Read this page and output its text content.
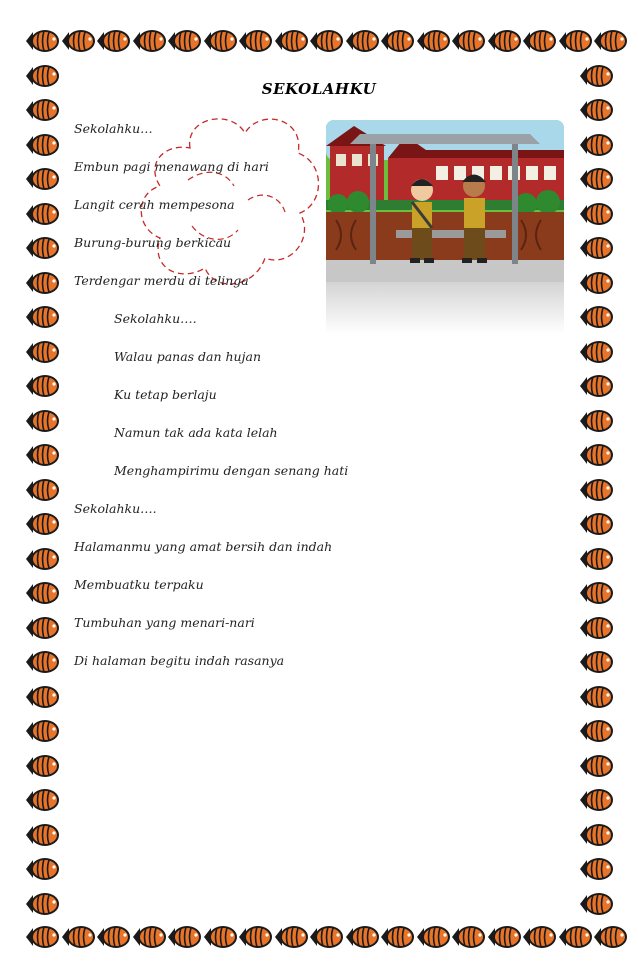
SEKOLAHKU
Sekolahku…
Embun pagi menawang di hari
Langit cerah mempesona
Burung-burung berkicau
Terdengar merdu di telinga
Sekolahku….
Walau panas dan hujan
Ku tetap berlaju
Namun tak ada kata lelah
Menghampirimu dengan senang hati
Sekolahku….
Halamanmu yang amat bersih dan indah
Membuatku terpaku
Tumbuhan yang menari-nari
Di halaman begitu indah rasanya
